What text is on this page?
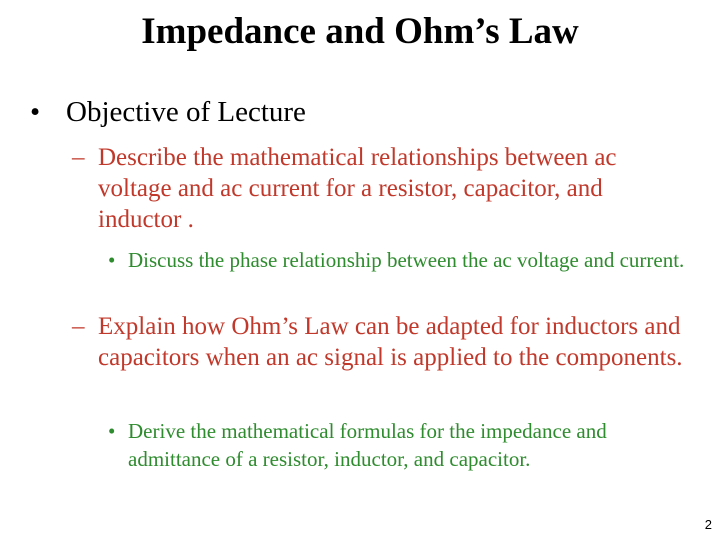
Impedance and Ohm’s Law
• Objective of Lecture
– Describe the mathematical relationships between ac voltage and ac current for a resistor, capacitor, and inductor .
• Discuss the phase relationship between the ac voltage and current.
– Explain how Ohm’s Law can be adapted for inductors and capacitors when an ac signal is applied to the components.
• Derive the mathematical formulas for the impedance and admittance of a resistor, inductor, and capacitor.
2
